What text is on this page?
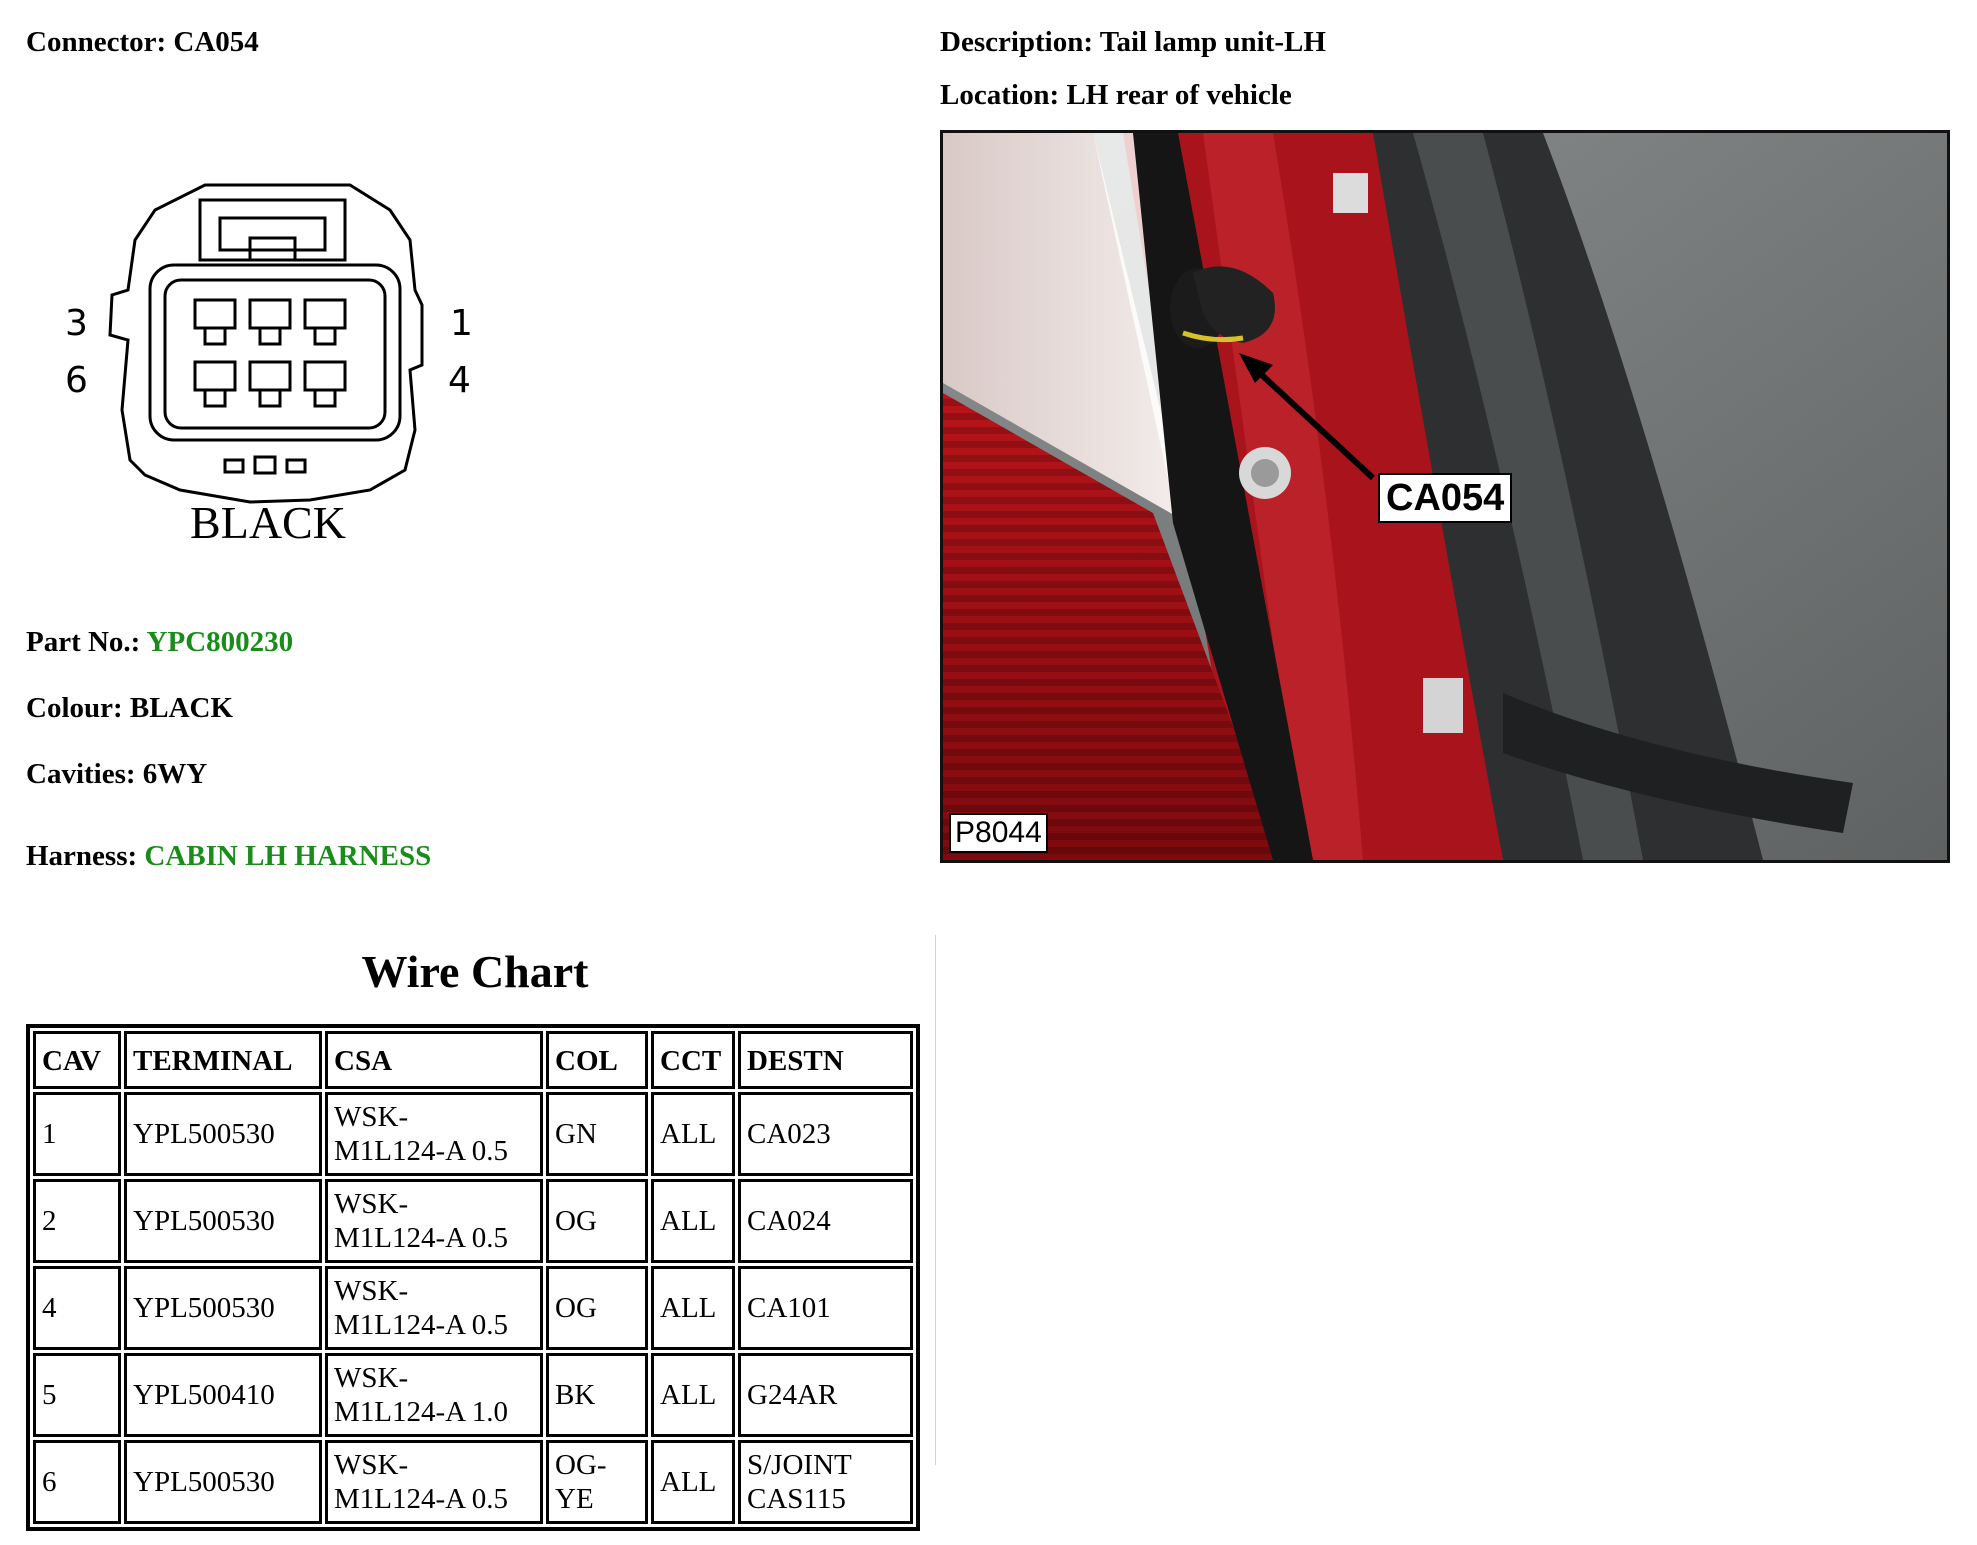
Connector: CA054	Description: Tail lamp unit-LH
Location: LH rear of vehicle
3
6
1
4
BLACK	CA054
P8044
Part No.: YPC800230
Colour: BLACK
Cavities: 6WY
Harness: CABIN LH HARNESS
Wire Chart
CAV	TERMINAL	CSA	COL	CCT	DESTN
1	YPL500530	WSK-
M1L124-A 0.5	GN	ALL	CA023
2	YPL500530	WSK-
M1L124-A 0.5	OG	ALL	CA024
4	YPL500530	WSK-
M1L124-A 0.5	OG	ALL	CA101
5	YPL500410	WSK-
M1L124-A 1.0	BK	ALL	G24AR
6	YPL500530	WSK-
M1L124-A 0.5	OG-
YE	ALL	S/JOINT
CAS115
